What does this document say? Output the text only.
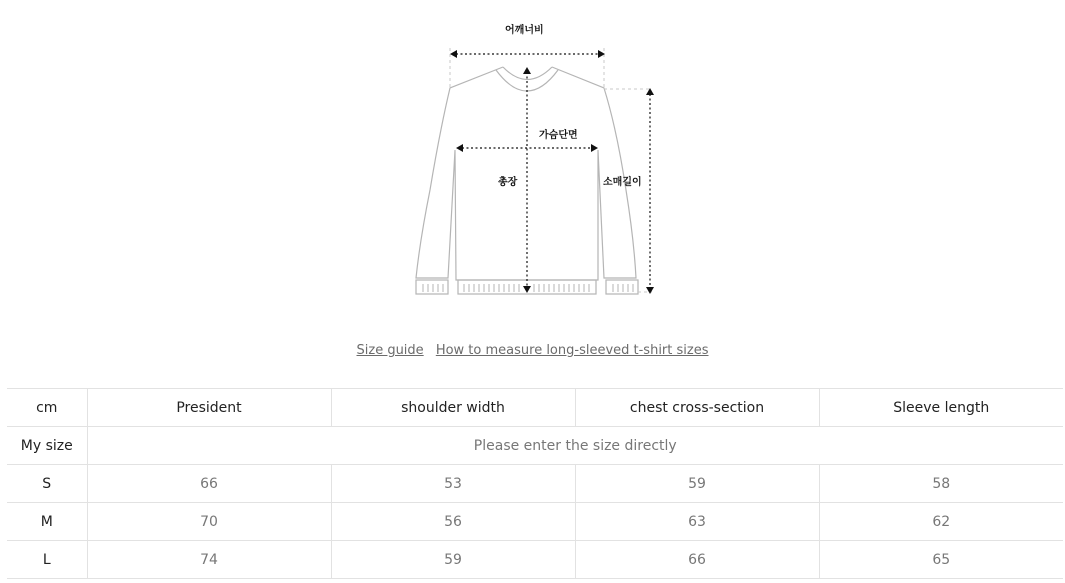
어깨너비
가슴단면
총장	소매길이
Size guide How to measure long-sleeved t-shirt sizes
cm	President	shoulder width	chest cross-section	Sleeve length
My size	Please enter the size directly			
S	66	53	59	58
M	70	56	63	62
L	74	59	66	65
